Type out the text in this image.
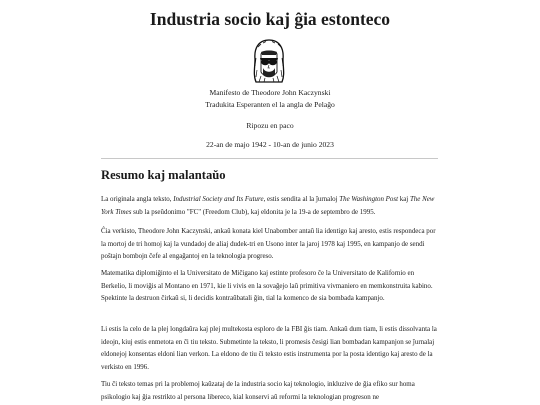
Industria socio kaj ĝia estonteco

Manifesto de Theodore John Kaczynski

Tradukita Esperanten el la angla de Pelaĝo

Ripozu en paco

22-an de majo 1942 - 10-an de junio 2023

Resumo kaj malantaŭo

La originala angla teksto, Industrial Society and Its Future, estis sendita al la ĵurnaloj The Washington Post kaj The New York Times sub la pseŭdonimo "FC" (Freedom Club), kaj eldonita je la 19-a de septembro de 1995.

Ĉia verkisto, Theodore John Kaczynski, ankaŭ konata kiel Unabomber antaŭ lia identigo kaj aresto, estis respondeca por la mortoj de tri homoj kaj la vundadoj de aliaj dudek-tri en Usono inter la jaroj 1978 kaj 1995, en kampanjo de sendi poŝtajn bombojn ĉefe al engaĝantoj en la teknologia progreso.

Matematika diplomiĝinto el la Universitato de Miĉigano kaj estinte profesoro ĉe la Universitato de Kalifornio en Berkelio, li moviĝis al Montano en 1971, kie li vivis en la sovaĝejo laŭ primitiva vivmaniero en memkonstruita kabino. Spektinte la destruon ĉirkaŭ si, li decidis kontraŭbatali ĝin, tial la komenco de sia bombada kampanjo.

Li estis la celo de la plej longdaŭra kaj plej multekosta esploro de la FBI ĝis tiam. Ankaŭ dum tiam, li estis dissolvanta la ideojn, kiuj estis enmetota en ĉi tiu teksto. Submetinte la teksto, li promesis ĉesigi lian bombadan kampanjon se ĵurnalaj eldonejoj konsentas eldoni lian verkon. La eldono de tiu ĉi teksto estis instrumenta por la posta identigo kaj aresto de la verkisto en 1996.

Tiu ĉi teksto temas pri la problemoj kaŭzataj de la industria socio kaj teknologio, inkluzive de ĝia efiko sur homa psikologio kaj ĝia restrikto al persona libereco, kial konservi aŭ reformi la teknologian progreson ne
